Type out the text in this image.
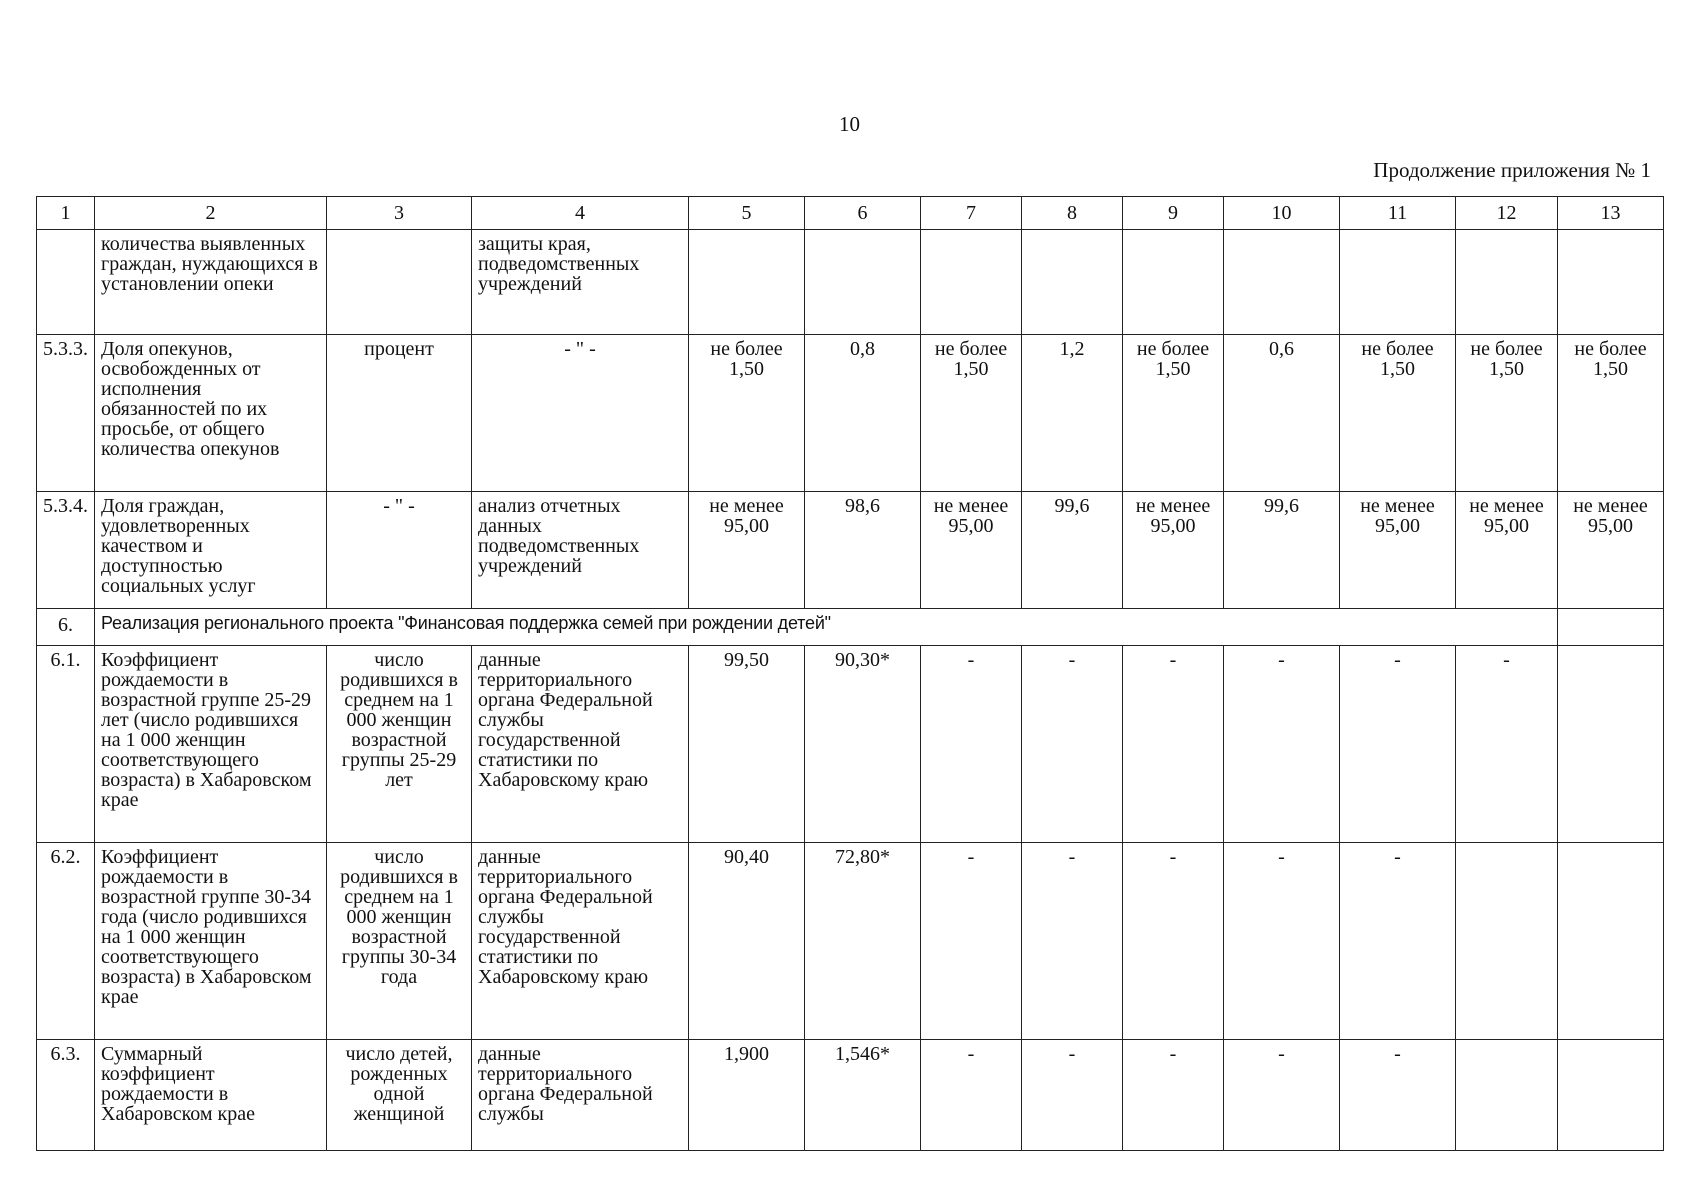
10
Продолжение приложения № 1
1	2	3	4	5	6	7	8	9	10	11	12	13
	количества выявленных граждан, нуждающихся в установлении опеки		защиты края, подведомственных учреждений									
5.3.3.	Доля опекунов, освобожденных от исполнения обязанностей по их просьбе, от общего количества опекунов	процент	- " -	не более 1,50	0,8	не более 1,50	1,2	не более 1,50	0,6	не более 1,50	не более 1,50	не более 1,50
5.3.4.	Доля граждан, удовлетворенных качеством и доступностью социальных услуг	- " -	анализ отчетных данных подведомственных учреждений	не менее 95,00	98,6	не менее 95,00	99,6	не менее 95,00	99,6	не менее 95,00	не менее 95,00	не менее 95,00
6.	Реализация регионального проекта "Финансовая поддержка семей при рождении детей"											
6.1.	Коэффициент рождаемости в возрастной группе 25-29 лет (число родившихся на 1 000 женщин соответствующего возраста) в Хабаровском крае	число родившихся в среднем на 1 000 женщин возрастной группы 25-29 лет	данные территориального органа Федеральной службы государственной статистики по Хабаровскому краю	99,50	90,30*	-	-	-	-	-	-	
6.2.	Коэффициент рождаемости в возрастной группе 30-34 года (число родившихся на 1 000 женщин соответствующего возраста) в Хабаровском крае	число родившихся в среднем на 1 000 женщин возрастной группы 30-34 года	данные территориального органа Федеральной службы государственной статистики по Хабаровскому краю	90,40	72,80*	-	-	-	-	-		
6.3.	Суммарный коэффициент рождаемости в Хабаровском крае	число детей, рожденных одной женщиной	данные территориального органа Федеральной службы	1,900	1,546*	-	-	-	-	-		
